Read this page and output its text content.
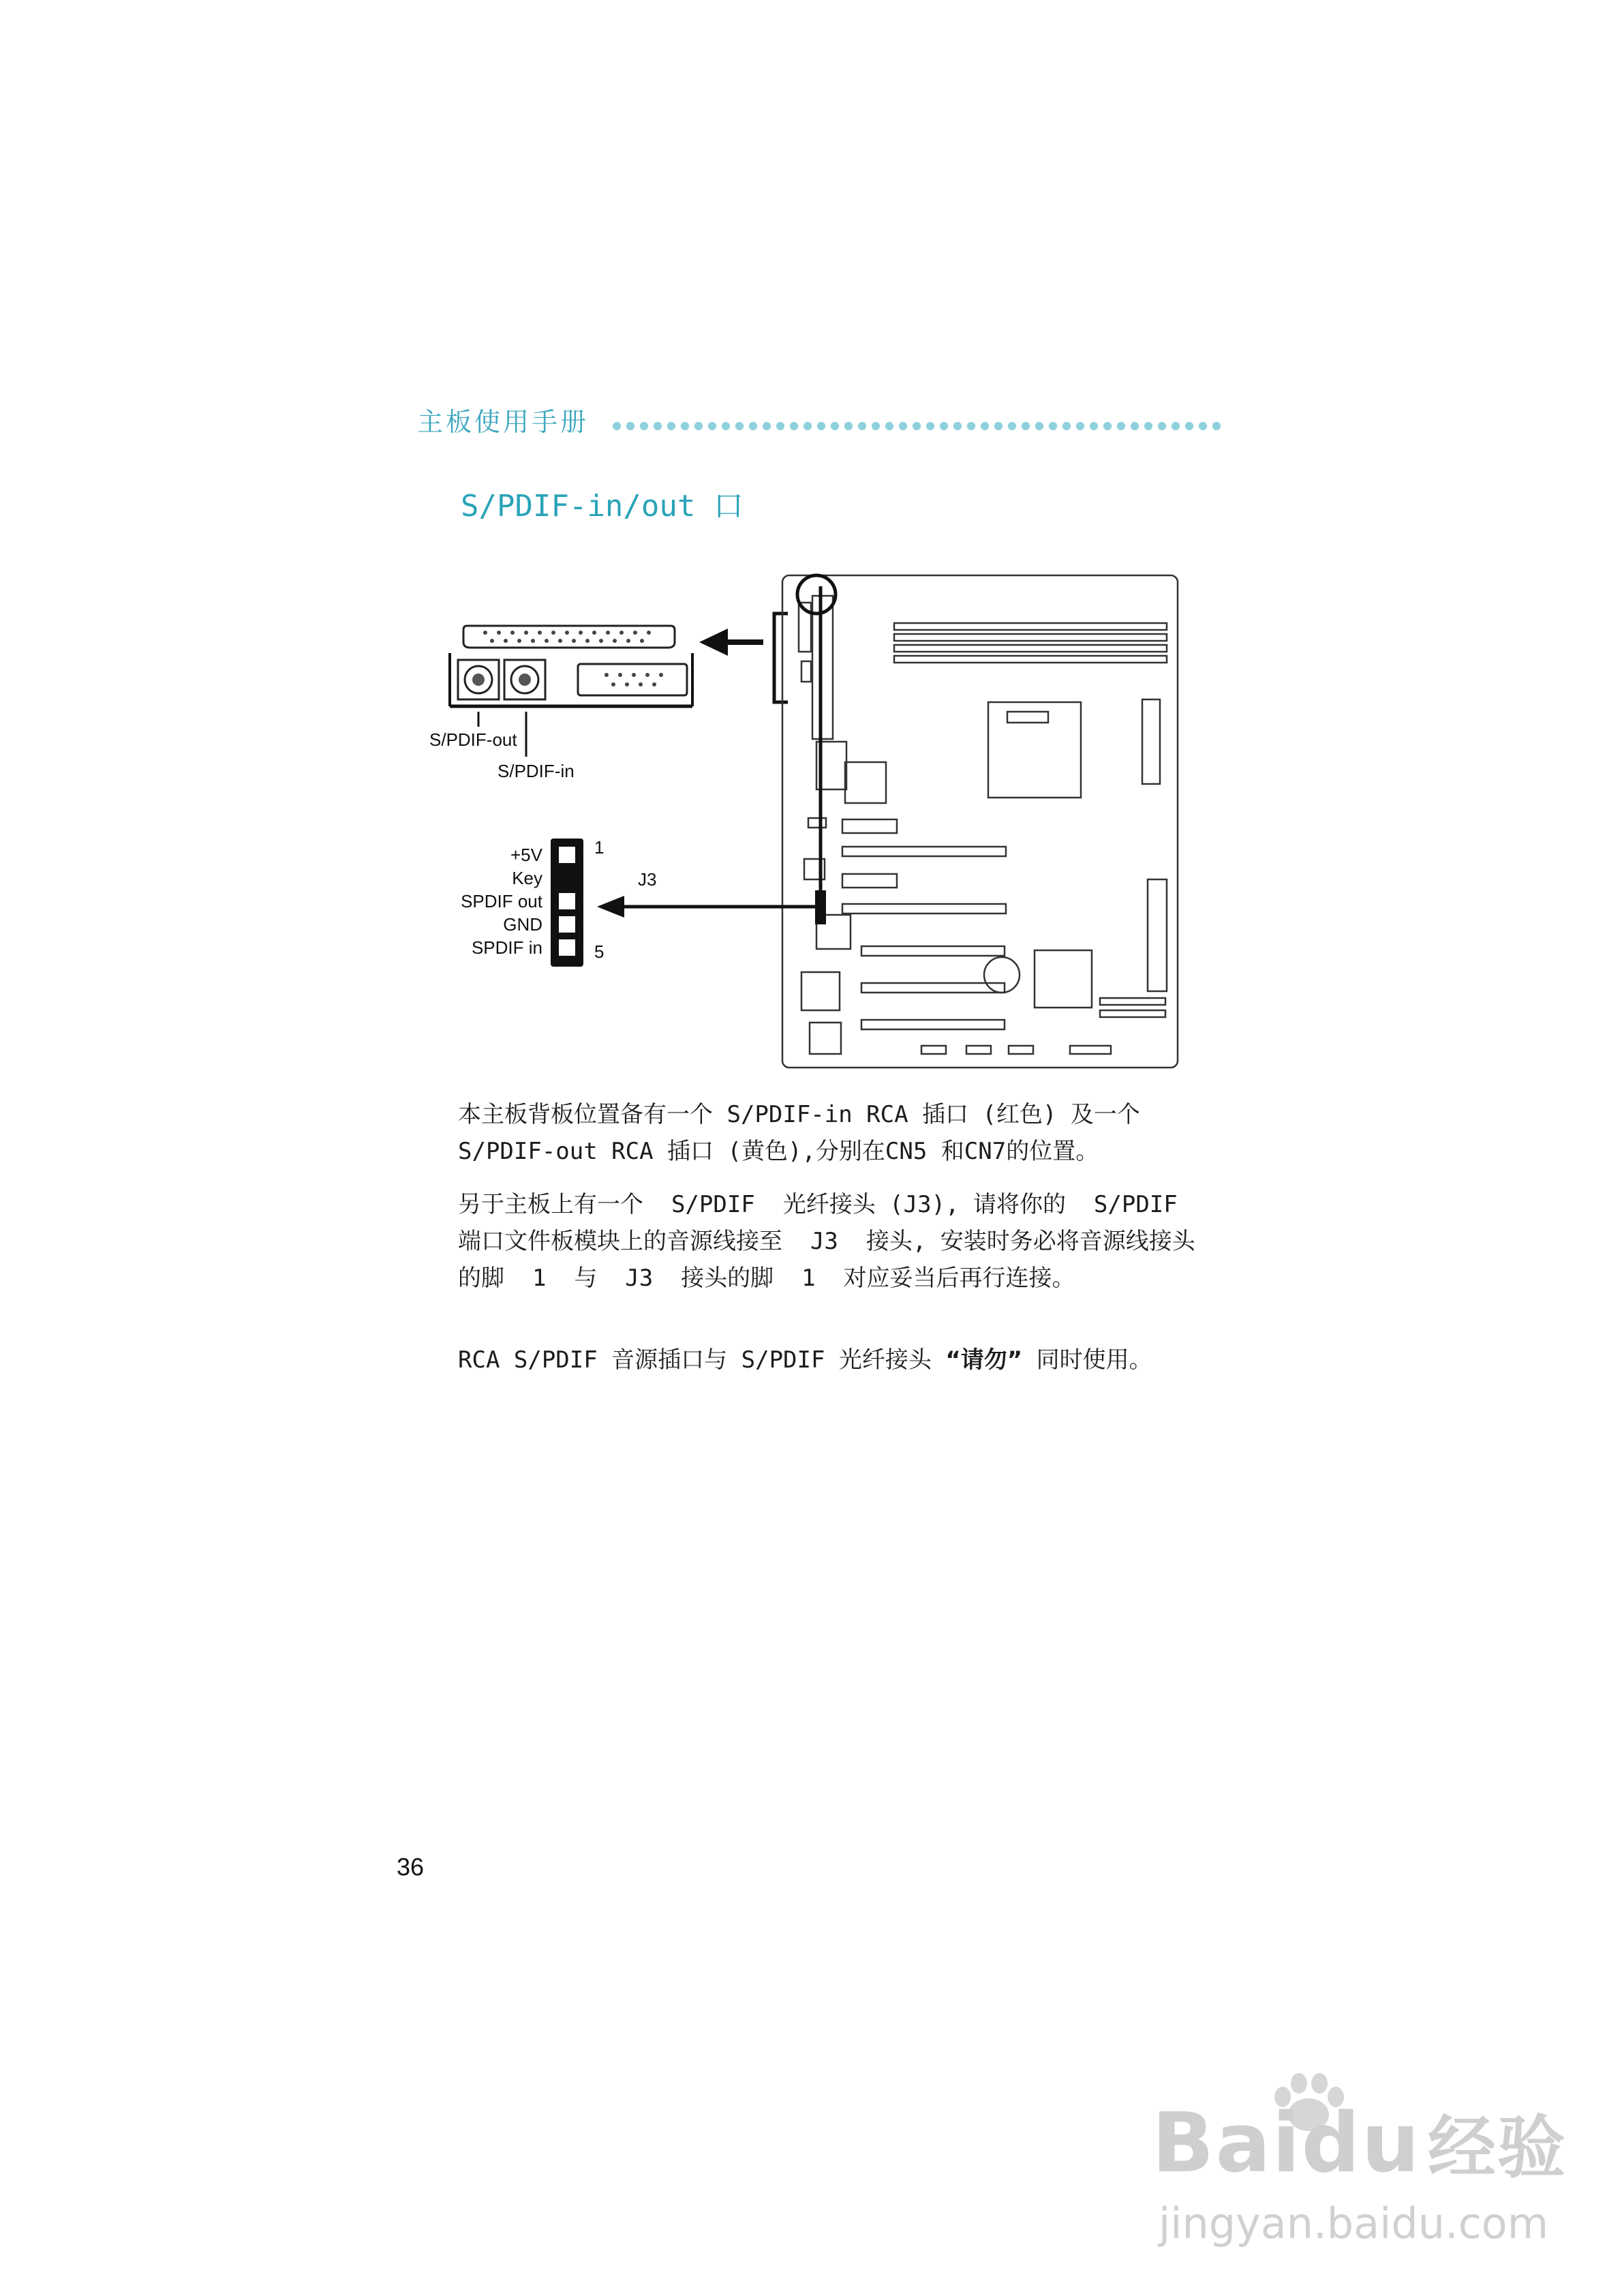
主板使用手册
S/PDIF-in/out 口
S/PDIF-out
S/PDIF-in
+5V
Key
SPDIF out
GND
SPDIF in
1
5
J3

本主板背板位置备有一个 S/PDIF-in RCA 插口 (红色) 及一个 S/PDIF-out RCA 插口 (黄色),分别在CN5 和CN7的位置。

另于主板上有一个  S/PDIF  光纤接头 (J3), 请将你的  S/PDIF  端口文件板模块上的音源线接至  J3  接头, 安装时务必将音源线接头的脚  1  与  J3  接头的脚  1  对应妥当后再行连接。

RCA S/PDIF 音源插口与 S/PDIF 光纤接头 “请勿” 同时使用。

36
Baidu 经验
jingyan.baidu.com
